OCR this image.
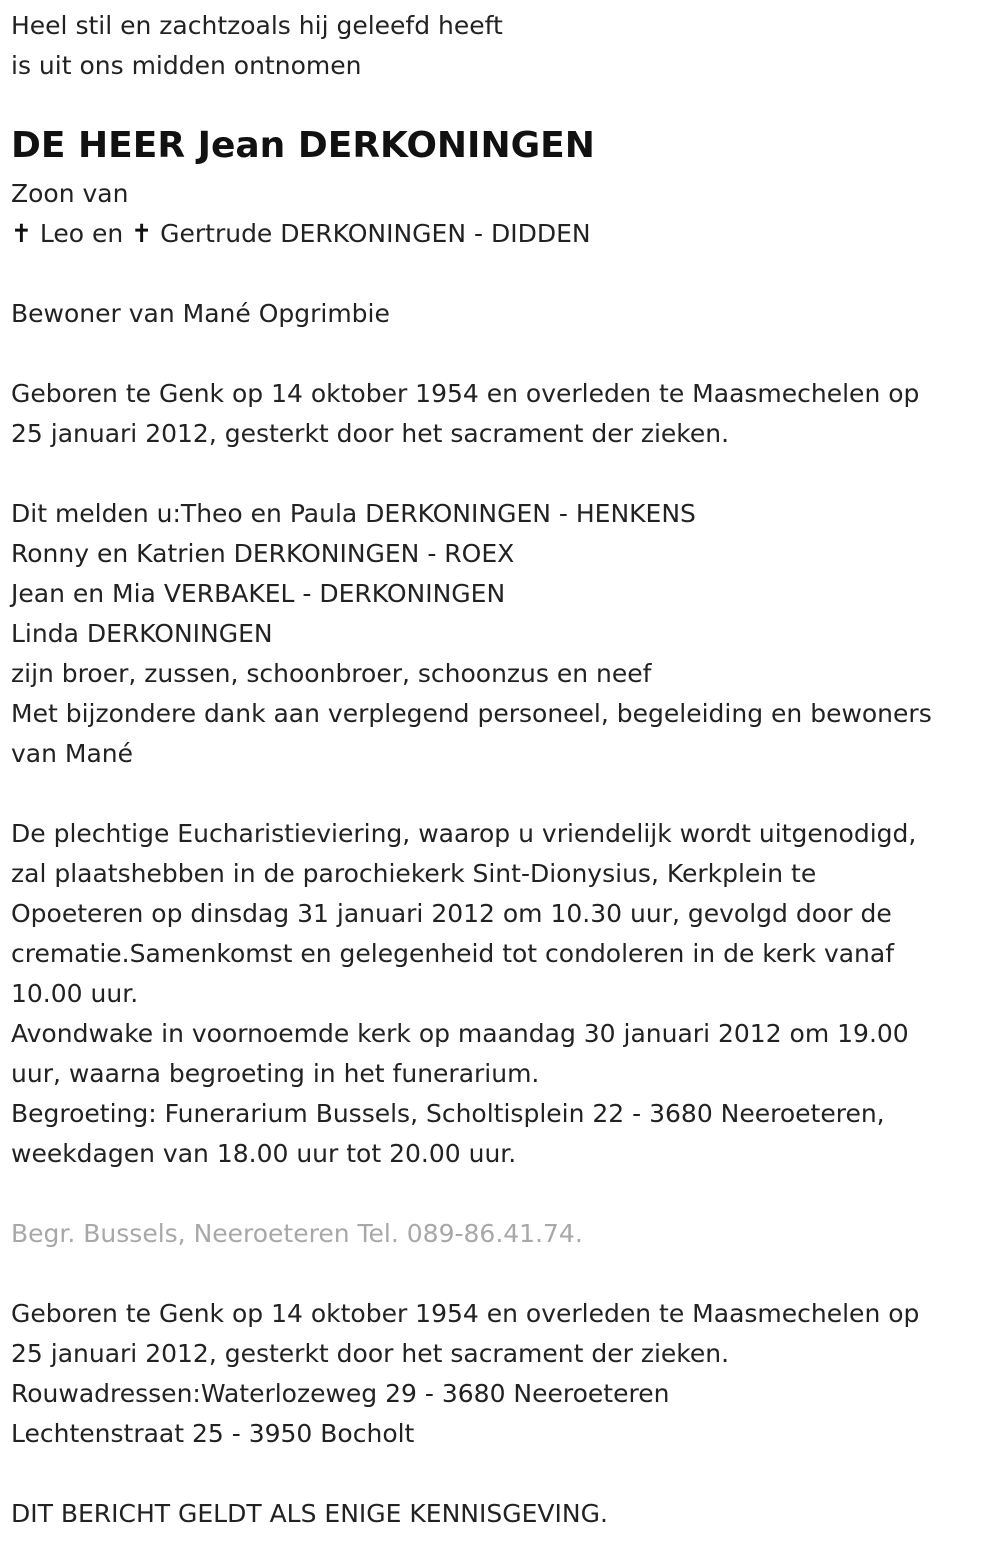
Heel stil en zachtzoals hij geleefd heeft

is uit ons midden ontnomen

DE HEER Jean DERKONINGEN

Zoon van

✝ Leo en ✝ Gertrude DERKONINGEN - DIDDEN

Bewoner van Mané Opgrimbie

Geboren te Genk op 14 oktober 1954 en overleden te Maasmechelen op

25 januari 2012, gesterkt door het sacrament der zieken.

Dit melden u:Theo en Paula DERKONINGEN - HENKENS

Ronny en Katrien DERKONINGEN - ROEX

Jean en Mia VERBAKEL - DERKONINGEN

Linda DERKONINGEN

zijn broer, zussen, schoonbroer, schoonzus en neef

Met bijzondere dank aan verplegend personeel, begeleiding en bewoners

van Mané

De plechtige Eucharistieviering, waarop u vriendelijk wordt uitgenodigd,

zal plaatshebben in de parochiekerk Sint-Dionysius, Kerkplein te

Opoeteren op dinsdag 31 januari 2012 om 10.30 uur, gevolgd door de

crematie.Samenkomst en gelegenheid tot condoleren in de kerk vanaf

10.00 uur.

Avondwake in voornoemde kerk op maandag 30 januari 2012 om 19.00

uur, waarna begroeting in het funerarium.

Begroeting: Funerarium Bussels, Scholtisplein 22 - 3680 Neeroeteren,

weekdagen van 18.00 uur tot 20.00 uur.

Begr. Bussels, Neeroeteren Tel. 089-86.41.74.

Geboren te Genk op 14 oktober 1954 en overleden te Maasmechelen op

25 januari 2012, gesterkt door het sacrament der zieken.

Rouwadressen:Waterlozeweg 29 - 3680 Neeroeteren

Lechtenstraat 25 - 3950 Bocholt

DIT BERICHT GELDT ALS ENIGE KENNISGEVING.
